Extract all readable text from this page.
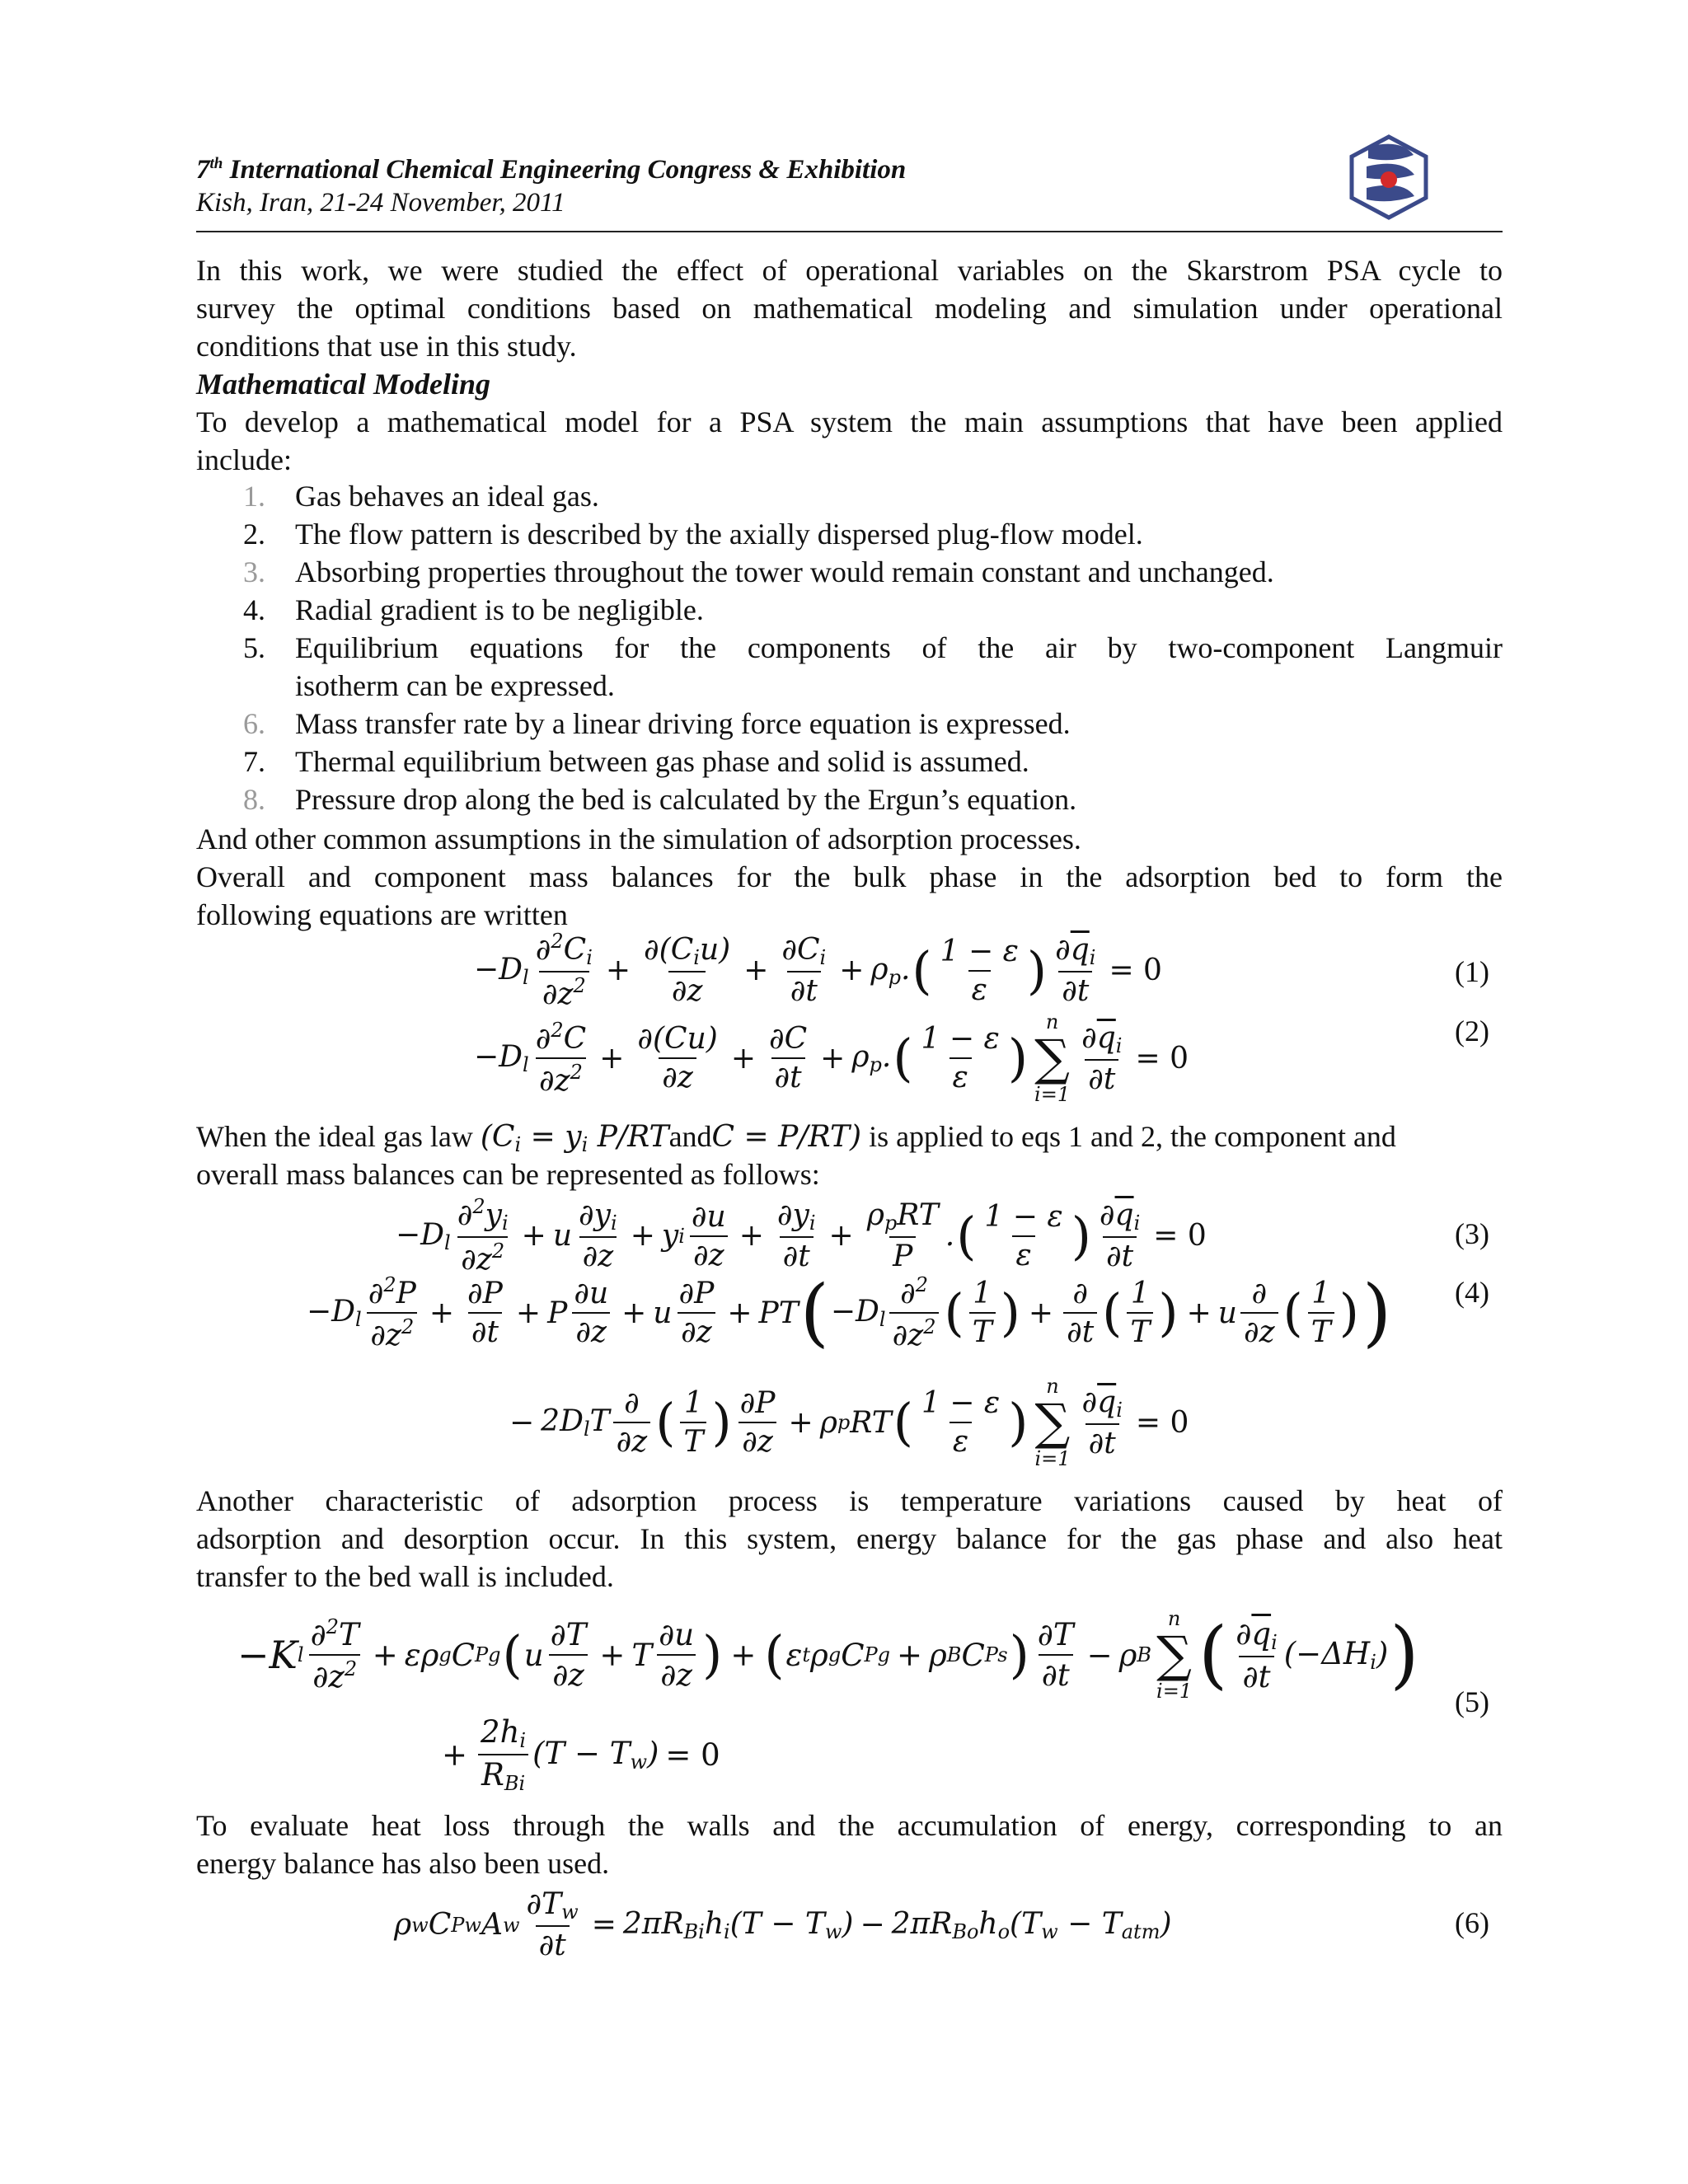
7th International Chemical Engineering Congress & Exhibition
Kish, Iran, 21-24 November, 2011
In this work, we were studied the effect of operational variables on the Skarstrom PSA cycle to
survey the optimal conditions based on mathematical modeling and simulation under operational
conditions that use in this study.
Mathematical Modeling
To develop a mathematical model for a PSA system the main assumptions that have been applied
include:
1. Gas behaves an ideal gas.
2. The flow pattern is described by the axially dispersed plug-flow model.
3. Absorbing properties throughout the tower would remain constant and unchanged.
4. Radial gradient is to be negligible.
5. Equilibrium equations for the components of the air by two-component Langmuir
isotherm can be expressed.
6. Mass transfer rate by a linear driving force equation is expressed.
7. Thermal equilibrium between gas phase and solid is assumed.
8. Pressure drop along the bed is calculated by the Ergun’s equation.
And other common assumptions in the simulation of adsorption processes.
Overall and component mass balances for the bulk phase in the adsorption bed to form the
following equations are written
$-D_l$
$\partial^2C_i$
$\partial z^2$ +
$\partial(C_iu)$
∂z
+ $\frac{\partial C_i}{\partial t} + \rho_p$. ( 1 − ε
ε ) $\frac{\partial\overline{q}_i}{\partial t} = 0$	(1)
$-D_l$
∂$^2$C
$\partial z^2 + \frac{\partial(Cu)}{\partial z} + \frac{\partial C}{\partial t} + \rho_p$. ( 1 − ε
ε )
n
∑
$i=1 \frac{\partial\overline{q}_i}{\partial t} = 0$
(2)
When the ideal gas law ($C_i = y_i$ P/RTandC = P/RT) is applied to eqs 1 and 2, the component and
overall mass balances can be represented as follows:
$-D_l$
$\partial^2y_i$
$\partial z^2 + u$
$\partial y_i$
∂z
+ y i
∂u
∂z
+ $\frac{\partial y_i}{\partial t}$ +
$\rho_pRT$
P
. ( 1 − ε
ε ) $\frac{\partial\overline{q}_i}{\partial t} = 0$	(3)
$-D_l$
∂$^2$P
$\partial z^2 + \frac{\partial P}{\partial t} + P$
∂u
∂z
+ u
∂P
∂z
+ PT ( $-D_l$
∂$^2$
$\partial z^2$ ( 1
T ) +
∂
∂t ( 1
T ) + u
∂
∂z ( 1
T ) ) (4)
− $2D_lT$
∂
∂z ( 1
T ) ∂P
∂z
+ ρ p RT ( 1 − ε
ε )
n
∑
$i=1 \frac{\partial\overline{q}_i}{\partial t} = 0$
Another characteristic of adsorption process is temperature variations caused by heat of
adsorption and desorption occur. In this system, energy balance for the gas phase and also heat
transfer to the bed wall is included.
−K l
∂$^2$T
$\partial z^2 + \varepsilon\rho$ g C Pg ( u
∂T
∂z
+ T
∂u
∂z ) + ( ε t ρ g C Pg + ρ B C Ps ) ∂T
∂t
− ρ B
n
∑
i=1 ( $\partial\overline{q}_i$
∂t
$(-\Delta H_i)$ )
+
$2h_i$
$R_{Bi}$
$(T - T_w) = 0$
(5)
To evaluate heat loss through the walls and the accumulation of energy, corresponding to an
energy balance has also been used.
ρ w C Pw A w $\frac{\partial T_w}{\partial t} = 2\pi R_{Bi}h_i(T - T_w) - 2\pi R_{Bo}h_o(T_w - T_{atm})$	(6)
